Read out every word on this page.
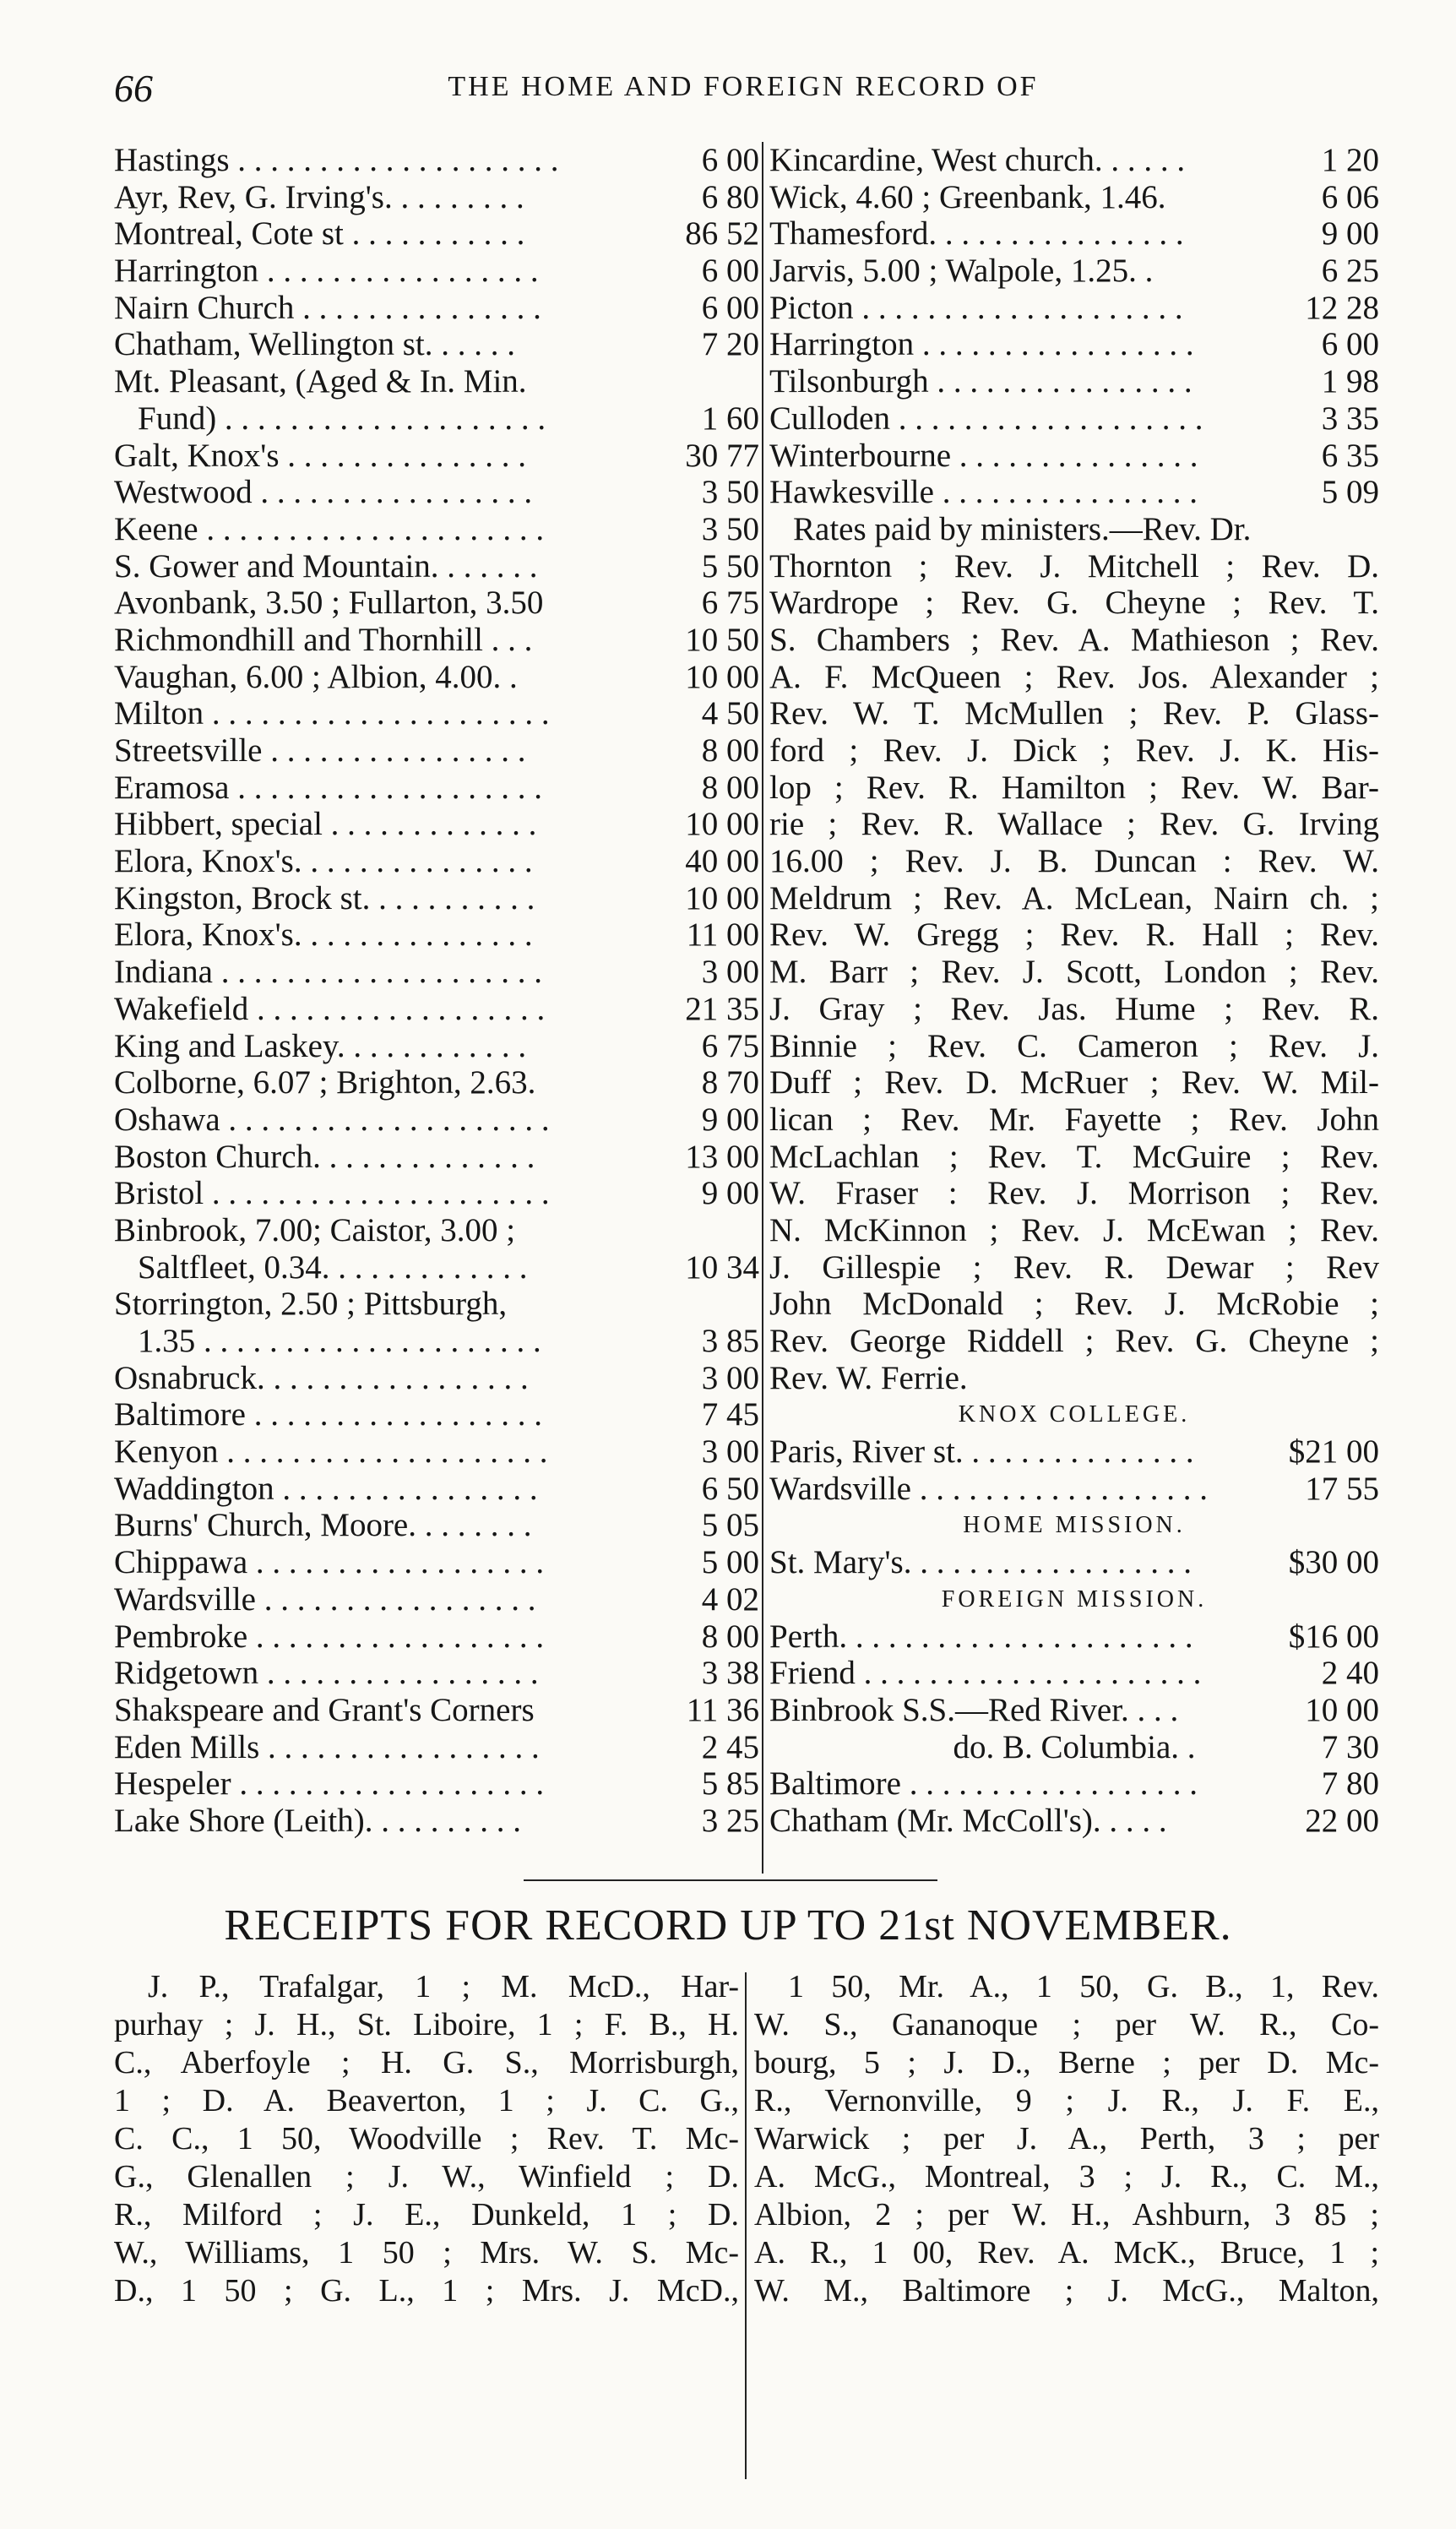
66	THE HOME AND FOREIGN RECORD OF
Hastings . . . . . . . . . . . . . . . . . . . .	6 00
Ayr, Rev, G. Irving's. . . . . . . . .	6 80
Montreal, Cote st . . . . . . . . . . .	86 52
Harrington . . . . . . . . . . . . . . . . .	6 00
Nairn Church . . . . . . . . . . . . . . .	6 00
Chatham, Wellington st. . . . . .	7 20
Mt. Pleasant, (Aged & In. Min.
Fund) . . . . . . . . . . . . . . . . . . . .	1 60
Galt, Knox's . . . . . . . . . . . . . . .	30 77
Westwood . . . . . . . . . . . . . . . . .	3 50
Keene . . . . . . . . . . . . . . . . . . . . .	3 50
S. Gower and Mountain. . . . . . .	5 50
Avonbank, 3.50 ; Fullarton, 3.50	6 75
Richmondhill and Thornhill . . .	10 50
Vaughan, 6.00 ; Albion, 4.00. .	10 00
Milton . . . . . . . . . . . . . . . . . . . . .	4 50
Streetsville . . . . . . . . . . . . . . . .	8 00
Eramosa . . . . . . . . . . . . . . . . . . .	8 00
Hibbert, special . . . . . . . . . . . . .	10 00
Elora, Knox's. . . . . . . . . . . . . . .	40 00
Kingston, Brock st. . . . . . . . . . .	10 00
Elora, Knox's. . . . . . . . . . . . . . .	11 00
Indiana . . . . . . . . . . . . . . . . . . . .	3 00
Wakefield . . . . . . . . . . . . . . . . . .	21 35
King and Laskey. . . . . . . . . . . .	6 75
Colborne, 6.07 ; Brighton, 2.63.	8 70
Oshawa . . . . . . . . . . . . . . . . . . . .	9 00
Boston Church. . . . . . . . . . . . . .	13 00
Bristol . . . . . . . . . . . . . . . . . . . . .	9 00
Binbrook, 7.00; Caistor, 3.00 ;
Saltfleet, 0.34. . . . . . . . . . . . .	10 34
Storrington, 2.50 ; Pittsburgh,
1.35 . . . . . . . . . . . . . . . . . . . . .	3 85
Osnabruck. . . . . . . . . . . . . . . . .	3 00
Baltimore . . . . . . . . . . . . . . . . . .	7 45
Kenyon . . . . . . . . . . . . . . . . . . . .	3 00
Waddington . . . . . . . . . . . . . . . .	6 50
Burns' Church, Moore. . . . . . . .	5 05
Chippawa . . . . . . . . . . . . . . . . . .	5 00
Wardsville . . . . . . . . . . . . . . . . .	4 02
Pembroke . . . . . . . . . . . . . . . . . .	8 00
Ridgetown . . . . . . . . . . . . . . . . .	3 38
Shakspeare and Grant's Corners	11 36
Eden Mills . . . . . . . . . . . . . . . . .	2 45
Hespeler . . . . . . . . . . . . . . . . . . .	5 85
Lake Shore (Leith). . . . . . . . . .	3 25
Kincardine, West church. . . . . .	1 20
Wick, 4.60 ; Greenbank, 1.46.	6 06
Thamesford. . . . . . . . . . . . . . . .	9 00
Jarvis, 5.00 ; Walpole, 1.25. .	6 25
Picton . . . . . . . . . . . . . . . . . . . .	12 28
Harrington . . . . . . . . . . . . . . . . .	6 00
Tilsonburgh . . . . . . . . . . . . . . . .	1 98
Culloden . . . . . . . . . . . . . . . . . . .	3 35
Winterbourne . . . . . . . . . . . . . . .	6 35
Hawkesville . . . . . . . . . . . . . . . .	5 09
Rates paid by ministers.—Rev. Dr.
Thornton ; Rev. J. Mitchell ; Rev. D.
Wardrope ; Rev. G. Cheyne ; Rev. T.
S. Chambers ; Rev. A. Mathieson ; Rev.
A. F. McQueen ; Rev. Jos. Alexander ;
Rev. W. T. McMullen ; Rev. P. Glass-
ford ; Rev. J. Dick ; Rev. J. K. His-
lop ; Rev. R. Hamilton ; Rev. W. Bar-
rie ; Rev. R. Wallace ; Rev. G. Irving
16.00 ; Rev. J. B. Duncan : Rev. W.
Meldrum ; Rev. A. McLean, Nairn ch. ;
Rev. W. Gregg ; Rev. R. Hall ; Rev.
M. Barr ; Rev. J. Scott, London ; Rev.
J. Gray ; Rev. Jas. Hume ; Rev. R.
Binnie ; Rev. C. Cameron ; Rev. J.
Duff ; Rev. D. McRuer ; Rev. W. Mil-
lican ; Rev. Mr. Fayette ; Rev. John
McLachlan ; Rev. T. McGuire ; Rev.
W. Fraser : Rev. J. Morrison ; Rev.
N. McKinnon ; Rev. J. McEwan ; Rev.
J. Gillespie ; Rev. R. Dewar ; Rev
John McDonald ; Rev. J. McRobie ;
Rev. George Riddell ; Rev. G. Cheyne ;
Rev. W. Ferrie.
KNOX COLLEGE.
Paris, River st. . . . . . . . . . . . . . .	$21 00
Wardsville . . . . . . . . . . . . . . . . . .	17 55
HOME MISSION.
St. Mary's. . . . . . . . . . . . . . . . . .	$30 00
FOREIGN MISSION.
Perth. . . . . . . . . . . . . . . . . . . . . .	$16 00
Friend . . . . . . . . . . . . . . . . . . . . .	2 40
Binbrook S.S.—Red River. . . .	10 00
do. B. Columbia. .	7 30
Baltimore . . . . . . . . . . . . . . . . . .	7 80
Chatham (Mr. McColl's). . . . .	22 00
RECEIPTS FOR RECORD UP TO 21st NOVEMBER.
J. P., Trafalgar, 1 ; M. McD., Har-
purhay ; J. H., St. Liboire, 1 ; F. B., H.
C., Aberfoyle ; H. G. S., Morrisburgh,
1 ; D. A. Beaverton, 1 ; J. C. G.,
C. C., 1 50, Woodville ; Rev. T. Mc-
G., Glenallen ; J. W., Winfield ; D.
R., Milford ; J. E., Dunkeld, 1 ; D.
W., Williams, 1 50 ; Mrs. W. S. Mc-
D., 1 50 ; G. L., 1 ; Mrs. J. McD.,
1 50, Mr. A., 1 50, G. B., 1, Rev.
W. S., Gananoque ; per W. R., Co-
bourg, 5 ; J. D., Berne ; per D. Mc-
R., Vernonville, 9 ; J. R., J. F. E.,
Warwick ; per J. A., Perth, 3 ; per
A. McG., Montreal, 3 ; J. R., C. M.,
Albion, 2 ; per W. H., Ashburn, 3 85 ;
A. R., 1 00, Rev. A. McK., Bruce, 1 ;
W. M., Baltimore ; J. McG., Malton,
